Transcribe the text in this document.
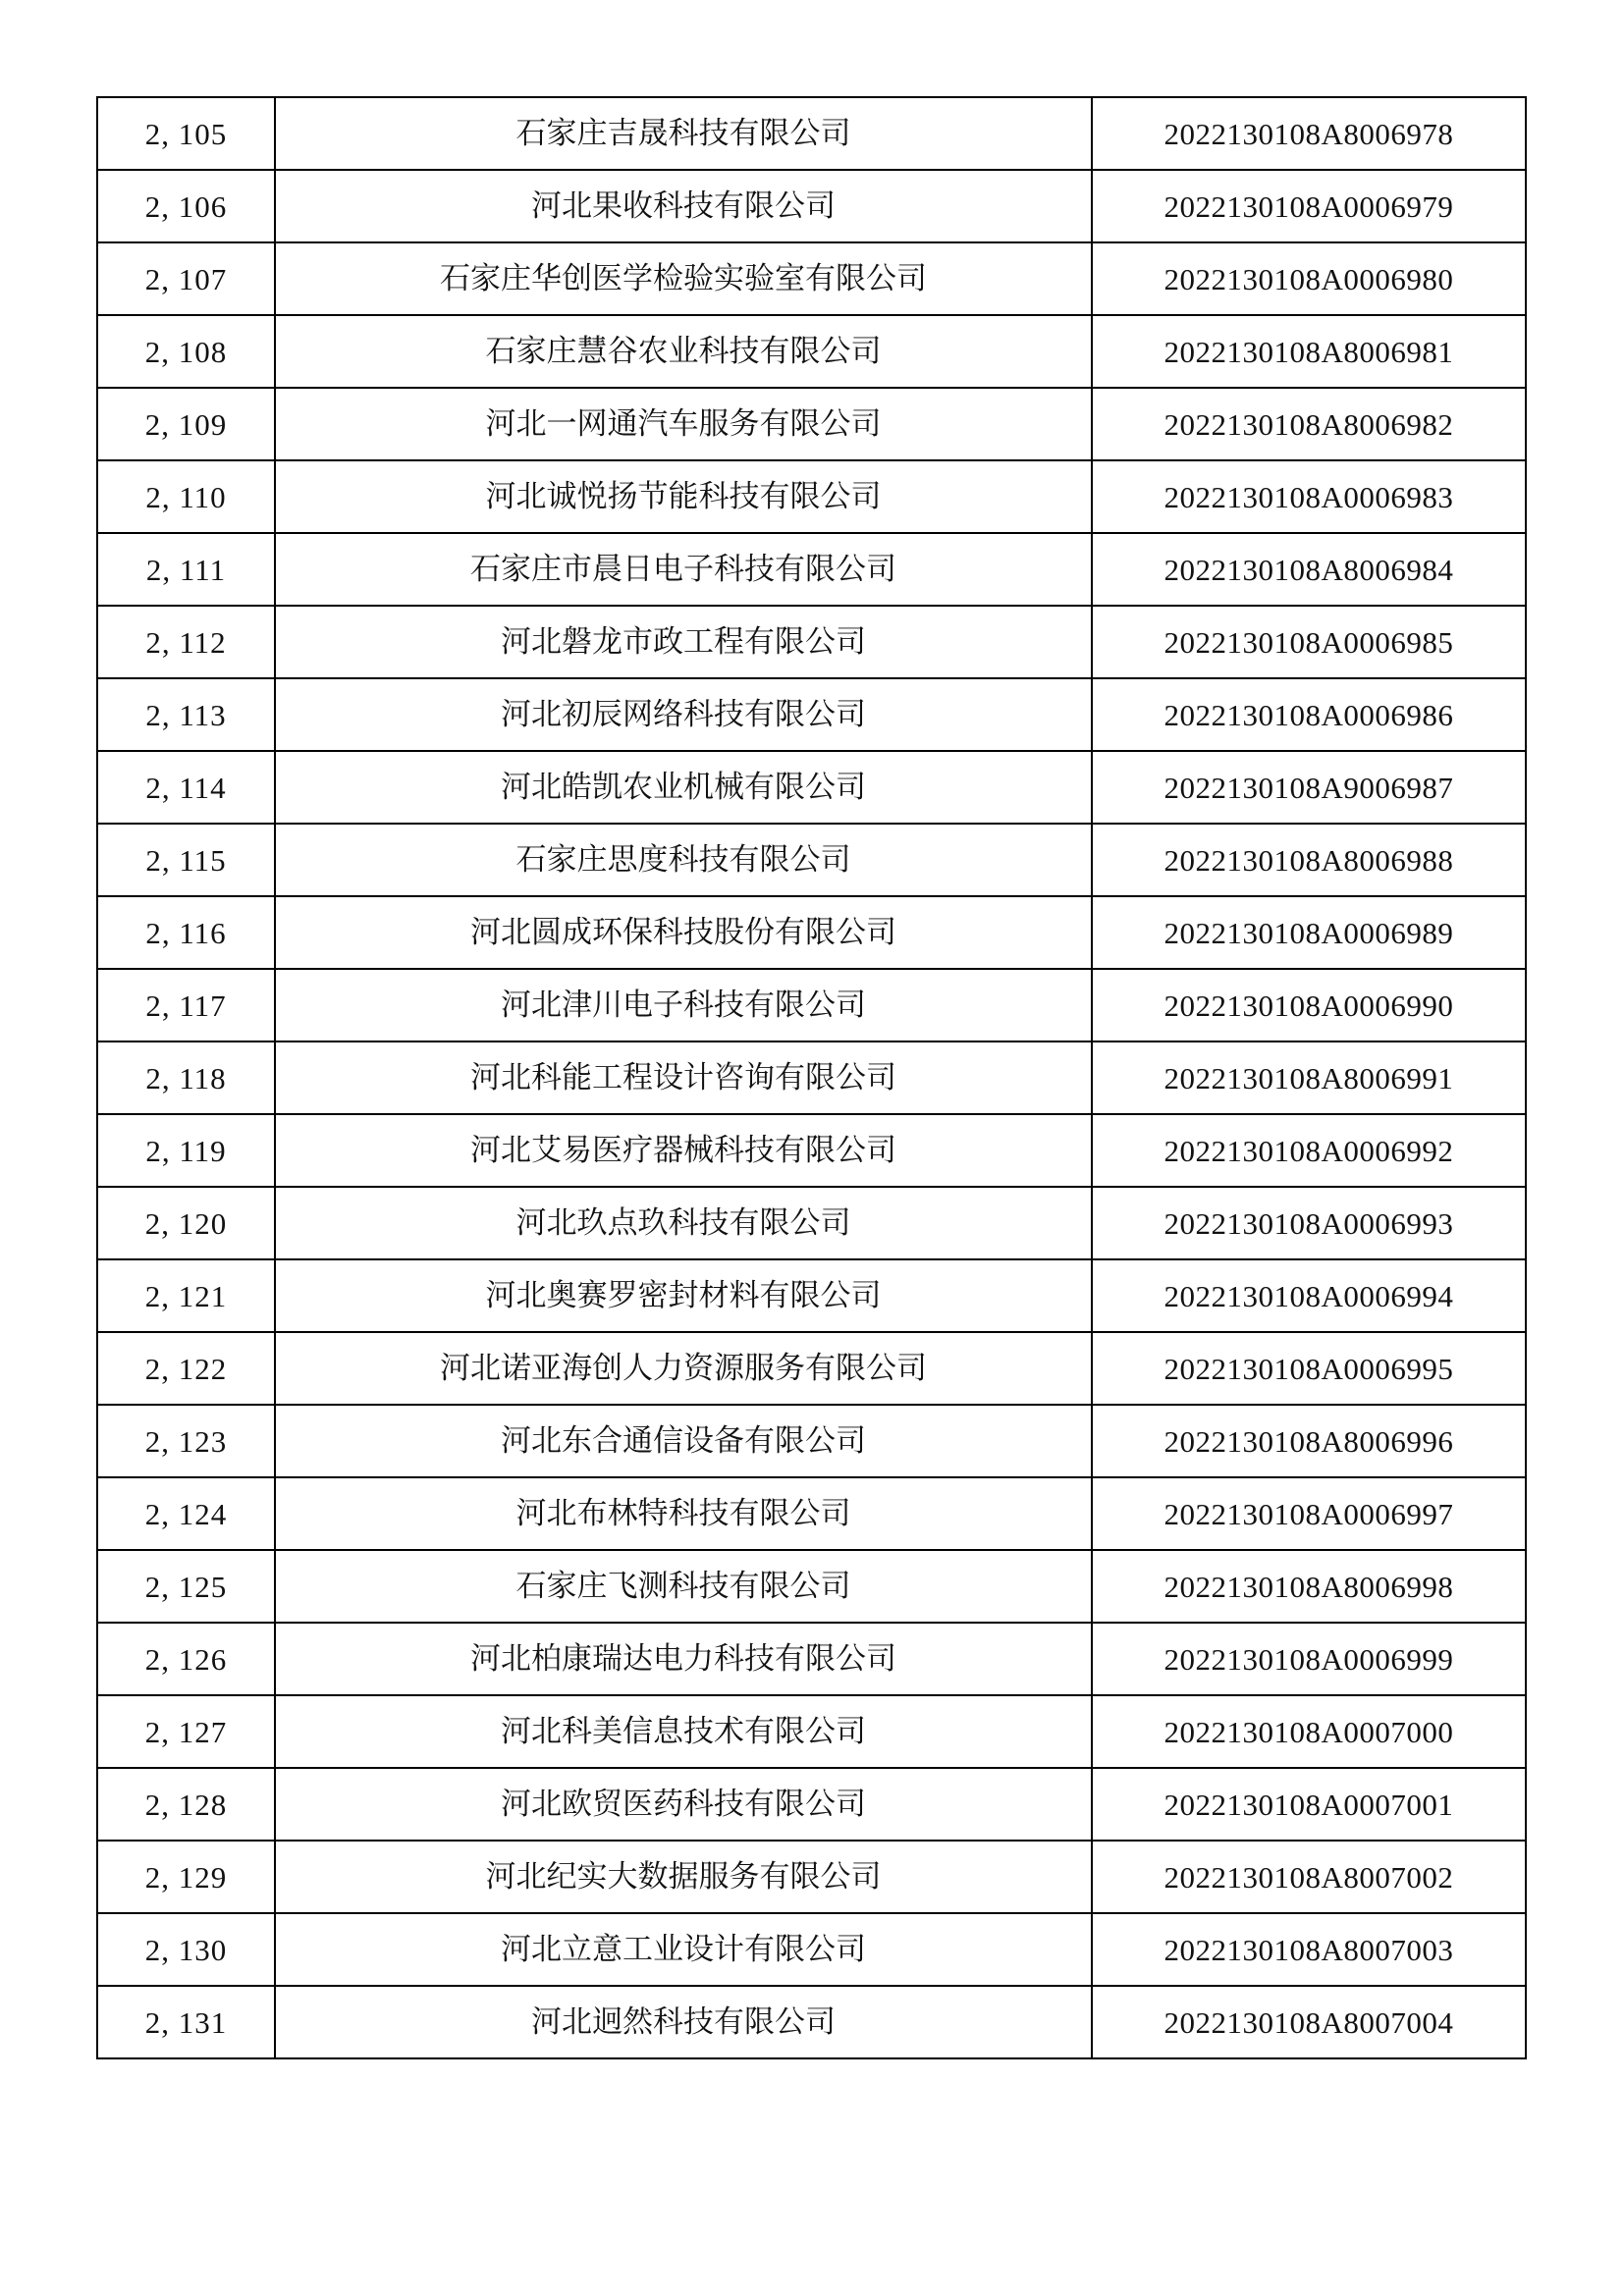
2, 105	石家庄吉晟科技有限公司	2022130108A8006978
2, 106	河北果收科技有限公司	2022130108A0006979
2, 107	石家庄华创医学检验实验室有限公司	2022130108A0006980
2, 108	石家庄慧谷农业科技有限公司	2022130108A8006981
2, 109	河北一网通汽车服务有限公司	2022130108A8006982
2, 110	河北诚悦扬节能科技有限公司	2022130108A0006983
2, 111	石家庄市晨日电子科技有限公司	2022130108A8006984
2, 112	河北磐龙市政工程有限公司	2022130108A0006985
2, 113	河北初辰网络科技有限公司	2022130108A0006986
2, 114	河北皓凯农业机械有限公司	2022130108A9006987
2, 115	石家庄思度科技有限公司	2022130108A8006988
2, 116	河北圆成环保科技股份有限公司	2022130108A0006989
2, 117	河北津川电子科技有限公司	2022130108A0006990
2, 118	河北科能工程设计咨询有限公司	2022130108A8006991
2, 119	河北艾易医疗器械科技有限公司	2022130108A0006992
2, 120	河北玖点玖科技有限公司	2022130108A0006993
2, 121	河北奥赛罗密封材料有限公司	2022130108A0006994
2, 122	河北诺亚海创人力资源服务有限公司	2022130108A0006995
2, 123	河北东合通信设备有限公司	2022130108A8006996
2, 124	河北布林特科技有限公司	2022130108A0006997
2, 125	石家庄飞测科技有限公司	2022130108A8006998
2, 126	河北柏康瑞达电力科技有限公司	2022130108A0006999
2, 127	河北科美信息技术有限公司	2022130108A0007000
2, 128	河北欧贸医药科技有限公司	2022130108A0007001
2, 129	河北纪实大数据服务有限公司	2022130108A8007002
2, 130	河北立意工业设计有限公司	2022130108A8007003
2, 131	河北迥然科技有限公司	2022130108A8007004
